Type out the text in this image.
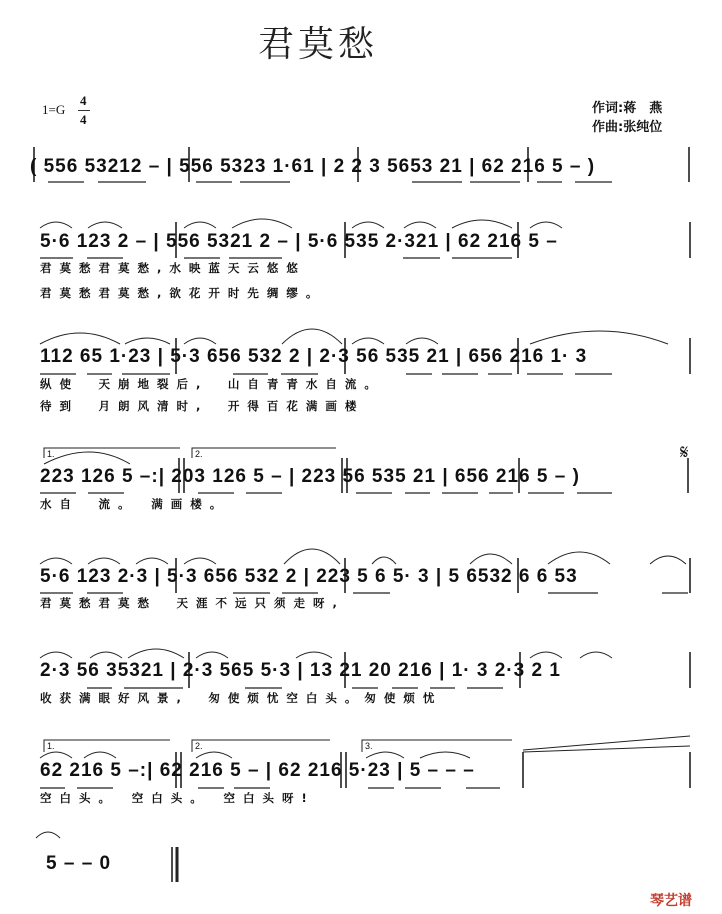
君莫愁
1=G
4
4
作词:蒋　燕
作曲:张纯位
( 556 53212 – | 556 5323 1·61 | 2 2 3 5653 21 | 62 216 5 – )
5·6 123 2 – | 556 5321 2 – | 5·6 535 2·321 | 62 216 5 –
君莫愁君莫愁,水映蓝天云悠悠
君莫愁君莫愁,欲花开时先绸缪。
112 65 1·23 | 5·3 656 532 2 | 2·3 56 535 21 | 656 216 1· 3
纵使　天崩地裂后,　山自青青水自流。
待到　月朗风清时,　开得百花满画楼
1.	2.
223 126 5 –:| 203 126 5 – | 223 56 535 21 | 656 216 5 – )
水自　流。　满画楼。
𝄋
5·6 123 2·3 | 5·3 656 532 2 | 223 5 6 5· 3 | 5 6532 6 6 53
君莫愁君莫愁　天涯不远只须走呀,
2·3 56 35321 | 2·3 565 5·3 | 13 21 20 216 | 1· 3 2·3 2 1
收获满眼好风景,　匆使烦忧空白头。匆使烦忧
1.	2.	3.
62 216 5 –:| 62 216 5 – | 62 216 5·23 | 5 – – –
空白头。　空白头。　空白头呀!
5 – – 0
琴艺谱
